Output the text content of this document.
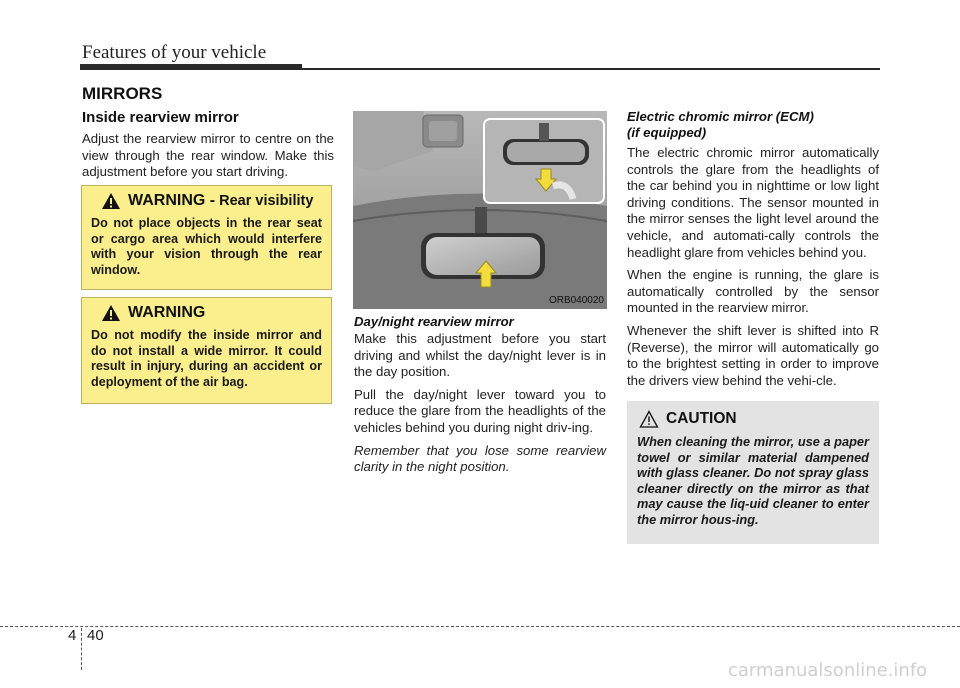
Features of your vehicle
MIRRORS
Inside rearview mirror
Adjust the rearview mirror to centre on the view through the rear window. Make this adjustment before you start driving.
WARNING - Rear visibility
Do not place objects in the rear seat or cargo area which would interfere with your vision through the rear window.
WARNING
Do not modify the inside mirror and do not install a wide mirror. It could result in injury, during an accident or deployment of the air bag.
ORB040020
Day/night rearview mirror

Make this adjustment before you start driving and whilst the day/night lever is in the day position.

Pull the day/night lever toward you to reduce the glare from the headlights of the vehicles behind you during night driv-ing.

Remember that you lose some rearview clarity in the night position.

Electric chromic mirror (ECM)
(if equipped)

The electric chromic mirror automatically controls the glare from the headlights of the car behind you in nighttime or low light driving conditions. The sensor mounted in the mirror senses the light level around the vehicle, and automati-cally controls the headlight glare from vehicles behind you.

When the engine is running, the glare is automatically controlled by the sensor mounted in the rearview mirror.

Whenever the shift lever is shifted into R (Reverse), the mirror will automatically go to the brightest setting in order to improve the drivers view behind the vehi-cle.

CAUTION
When cleaning the mirror, use a paper towel or similar material dampened with glass cleaner. Do not spray glass cleaner directly on the mirror as that may cause the liq-uid cleaner to enter the mirror hous-ing.
4 40
carmanualsonline.info
